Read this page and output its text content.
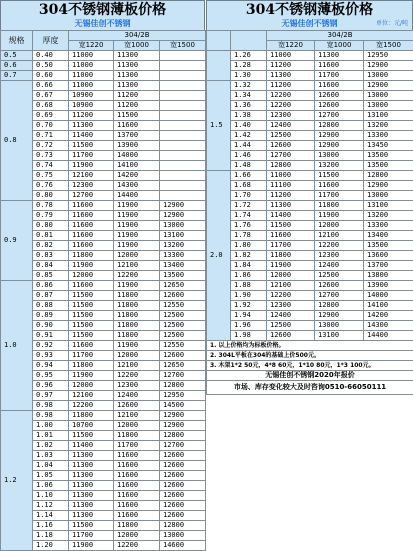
304不锈钢薄板价格
无锡佳创不锈钢
规格	厚度	304/2B		
		宽1220	宽1000	宽1500
0.5	0.40	11000	11300	
0.6	0.50	11000	11300	
0.7	0.60	11000	11300	
0.8	0.66	11000	11300	
	0.67	10900	11200	
	0.68	10900	11200	
	0.69	11200	11500	
	0.70	11300	11600	
	0.71	11400	13700	
	0.72	11500	13900	
	0.73	11700	14000	
	0.74	11900	14100	
	0.75	12100	14200	
	0.76	12300	14300	
	0.80	12700	14400	
0.9	0.78	11600	11900	12900
	0.79	11600	11900	12900
	0.80	11600	11900	13000
	0.81	11600	11900	13100
	0.82	11600	11900	13200
	0.83	11800	12000	13300
	0.84	11900	12100	13400
	0.85	12000	12200	13500
1.0	0.86	11600	11900	12650
	0.87	11500	11800	12600
	0.88	11500	11800	12550
	0.89	11500	11800	12500
	0.90	11500	11800	12500
	0.91	11500	11800	12500
	0.92	11600	11900	12550
	0.93	11700	12000	12600
	0.94	11800	12100	12650
	0.95	11900	12200	12700
	0.96	12000	12300	12800
	0.97	12100	12400	12950
	0.98	12200	12600	14500
1.2	0.98	11800	12100	12900
	1.00	10700	12000	12900
	1.01	11500	11800	12800
	1.02	11400	11700	12700
	1.03	11300	11600	12600
	1.04	11300	11600	12600
	1.05	11300	11600	12600
	1.06	11300	11600	12600
	1.10	11300	11600	12600
	1.12	11300	11600	12600
	1.14	11300	11600	12600
	1.16	11500	11800	12800
	1.18	11700	12000	13000
	1.20	11900	12200	14600
304不锈钢薄板价格
无锡佳创不锈钢	单位：元/吨
		304/2B		
		宽1220	宽1000	宽1500
	1.26	11000	11300	12950
	1.28	11200	11600	12900
	1.30	11300	11700	13000
1.5	1.32	11200	11600	12900
	1.34	12200	12600	13000
	1.36	12200	12600	13000
	1.38	12300	12700	13100
	1.40	12400	12800	13200
	1.42	12500	12900	13300
	1.44	12600	12900	13450
	1.46	12700	13000	13500
	1.48	12800	13200	13500
2.0	1.66	11000	11500	12800
	1.68	11100	11600	12900
	1.70	11200	11700	13000
	1.72	11300	11800	13100
	1.74	11400	11900	13200
	1.76	11500	12000	13300
	1.78	11600	12100	13400
	1.80	11700	12200	13500
	1.82	11800	12300	13600
	1.84	11900	12400	13700
	1.86	12000	12500	13800
	1.88	12100	12600	13900
	1.90	12200	12700	14000
	1.92	12300	12800	14100
	1.94	12400	12900	14200
	1.96	12500	13000	14300
	1.98	12600	13100	14400
1. 以上价格均为标板价格。				
2. 304L平板在304的基础上价500元。				
3. 木架1*2 50元，4*8 60元，1*10 80元，1*3 100元。				
无锡佳创不锈钢2020年报价				
市场、库存变化较大及时咨询0510-66050111				
